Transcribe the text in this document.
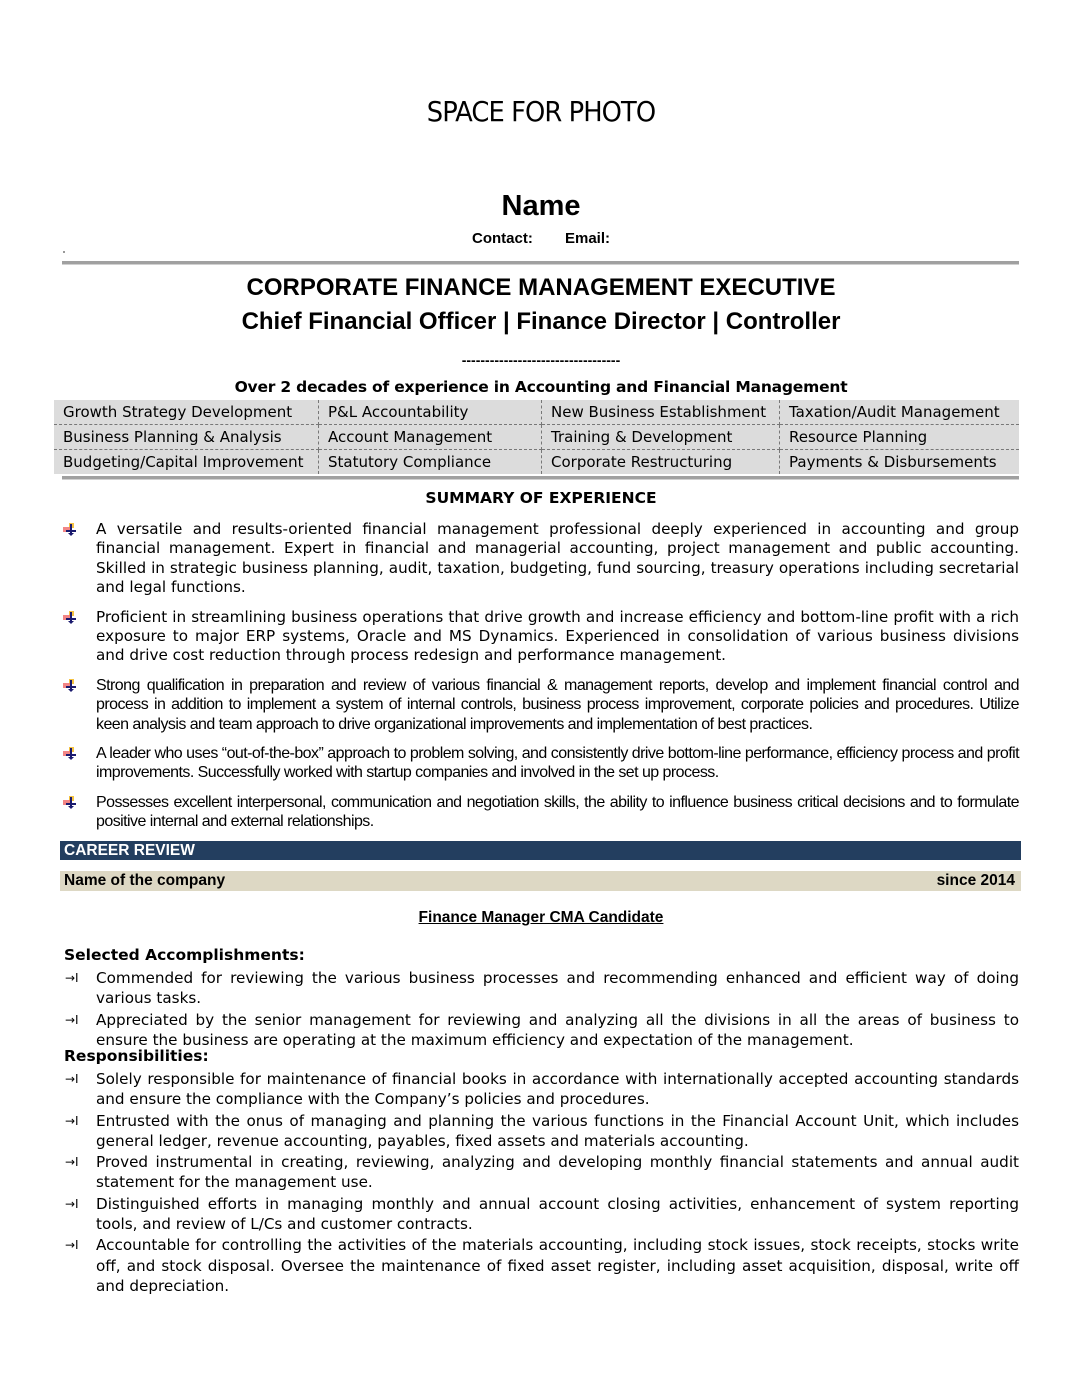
SPACE FOR PHOTO
Name
Contact: Email:
CORPORATE FINANCE MANAGEMENT EXECUTIVE
Chief Financial Officer | Finance Director | Controller
----------------------------------
Over 2 decades of experience in Accounting and Financial Management
Growth Strategy Development	P&L Accountability	New Business Establishment	Taxation/Audit Management
Business Planning & Analysis	Account Management	Training & Development	Resource Planning
Budgeting/Capital Improvement	Statutory Compliance	Corporate Restructuring	Payments & Disbursements
SUMMARY OF EXPERIENCE
A versatile and results-oriented financial management professional deeply experienced in accounting and group financial management. Expert in financial and managerial accounting, project management and public accounting. Skilled in strategic business planning, audit, taxation, budgeting, fund sourcing, treasury operations including secretarial and legal functions.
Proficient in streamlining business operations that drive growth and increase efficiency and bottom-line profit with a rich exposure to major ERP systems, Oracle and MS Dynamics. Experienced in consolidation of various business divisions and drive cost reduction through process redesign and performance management.
Strong qualification in preparation and review of various financial & management reports, develop and implement financial control and process in addition to implement a system of internal controls, business process improvement, corporate policies and procedures. Utilize keen analysis and team approach to drive organizational improvements and implementation of best practices.
A leader who uses “out-of-the-box” approach to problem solving, and consistently drive bottom-line performance, efficiency process and profit improvements. Successfully worked with startup companies and involved in the set up process.
Possesses excellent interpersonal, communication and negotiation skills, the ability to influence business critical decisions and to formulate positive internal and external relationships.
CAREER REVIEW
Name of the company	since 2014
Finance Manager CMA Candidate
Selected Accomplishments:
→I Commended for reviewing the various business processes and recommending enhanced and efficient way of doing various tasks.
→I Appreciated by the senior management for reviewing and analyzing all the divisions in all the areas of business to ensure the business are operating at the maximum efficiency and expectation of the management.
Responsibilities:
→I Solely responsible for maintenance of financial books in accordance with internationally accepted accounting standards and ensure the compliance with the Company’s policies and procedures.
→I Entrusted with the onus of managing and planning the various functions in the Financial Account Unit, which includes general ledger, revenue accounting, payables, fixed assets and materials accounting.
→I Proved instrumental in creating, reviewing, analyzing and developing monthly financial statements and annual audit statement for the management use.
→I Distinguished efforts in managing monthly and annual account closing activities, enhancement of system reporting tools, and review of L/Cs and customer contracts.
→I Accountable for controlling the activities of the materials accounting, including stock issues, stock receipts, stocks write off, and stock disposal. Oversee the maintenance of fixed asset register, including asset acquisition, disposal, write off and depreciation.
